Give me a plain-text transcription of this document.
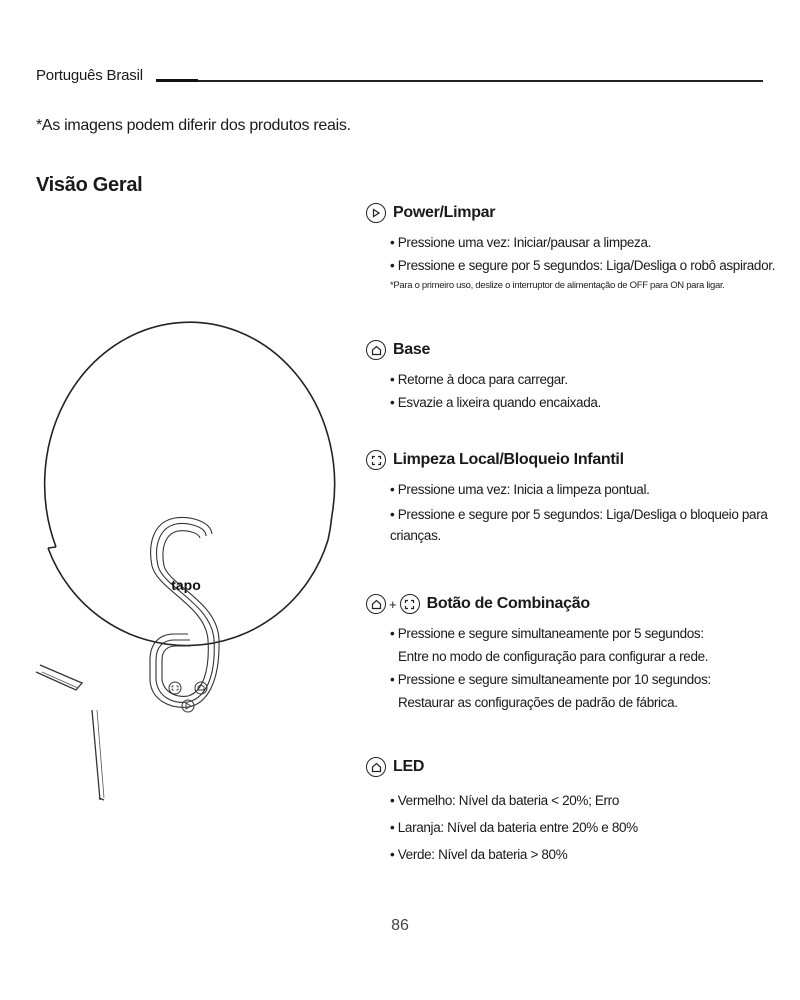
Português Brasil
*As imagens podem diferir dos produtos reais.
Visão Geral
tapo
Power/Limpar
• Pressione uma vez: Iniciar/pausar a limpeza.
• Pressione e segure por 5 segundos: Liga/Desliga o robô aspirador.
*Para o primeiro uso, deslize o interruptor de alimentação de OFF para ON para ligar.
Base
• Retorne à doca para carregar.
• Esvazie a lixeira quando encaixada.
Limpeza Local/Bloqueio Infantil
• Pressione uma vez: Inicia a limpeza pontual.
• Pressione e segure por 5 segundos: Liga/Desliga o bloqueio para crianças.
+ Botão de Combinação
• Pressione e segure simultaneamente por 5 segundos:
Entre no modo de configuração para configurar a rede.
• Pressione e segure simultaneamente por 10 segundos:
Restaurar as configurações de padrão de fábrica.
LED
• Vermelho: Nível da bateria < 20%; Erro
• Laranja: Nível da bateria entre 20% e 80%
• Verde: Nível da bateria > 80%
86
